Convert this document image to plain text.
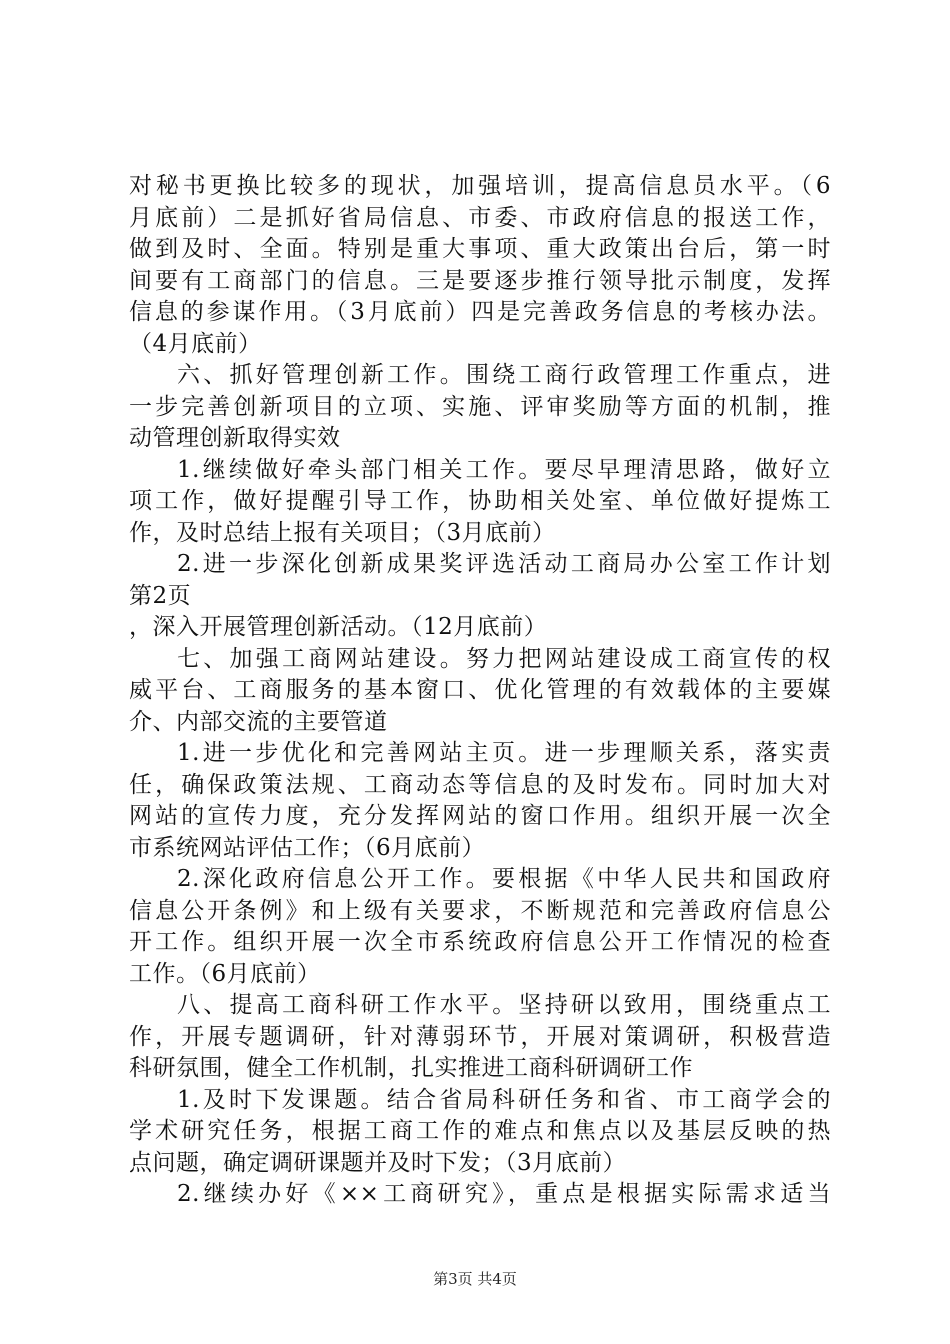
对秘书更换比较多的现状，加强培训，提高信息员水平。（6
月底前）二是抓好省局信息、市委、市政府信息的报送工作，
做到及时、全面。特别是重大事项、重大政策出台后，第一时
间要有工商部门的信息。三是要逐步推行领导批示制度，发挥
信息的参谋作用。（3月底前）四是完善政务信息的考核办法。
（4月底前）
六、抓好管理创新工作。围绕工商行政管理工作重点，进
一步完善创新项目的立项、实施、评审奖励等方面的机制，推
动管理创新取得实效
1.继续做好牵头部门相关工作。要尽早理清思路，做好立
项工作，做好提醒引导工作，协助相关处室、单位做好提炼工
作，及时总结上报有关项目；（3月底前）
2.进一步深化创新成果奖评选活动工商局办公室工作计划
第2页
，深入开展管理创新活动。（12月底前）
七、加强工商网站建设。努力把网站建设成工商宣传的权
威平台、工商服务的基本窗口、优化管理的有效载体的主要媒
介、内部交流的主要管道
1.进一步优化和完善网站主页。进一步理顺关系，落实责
任，确保政策法规、工商动态等信息的及时发布。同时加大对
网站的宣传力度，充分发挥网站的窗口作用。组织开展一次全
市系统网站评估工作；（6月底前）
2.深化政府信息公开工作。要根据《中华人民共和国政府
信息公开条例》和上级有关要求，不断规范和完善政府信息公
开工作。组织开展一次全市系统政府信息公开工作情况的检查
工作。（6月底前）
八、提高工商科研工作水平。坚持研以致用，围绕重点工
作，开展专题调研，针对薄弱环节，开展对策调研，积极营造
科研氛围，健全工作机制，扎实推进工商科研调研工作
1.及时下发课题。结合省局科研任务和省、市工商学会的
学术研究任务，根据工商工作的难点和焦点以及基层反映的热
点问题，确定调研课题并及时下发；（3月底前）
2.继续办好《××工商研究》，重点是根据实际需求适当
第3页 共4页
